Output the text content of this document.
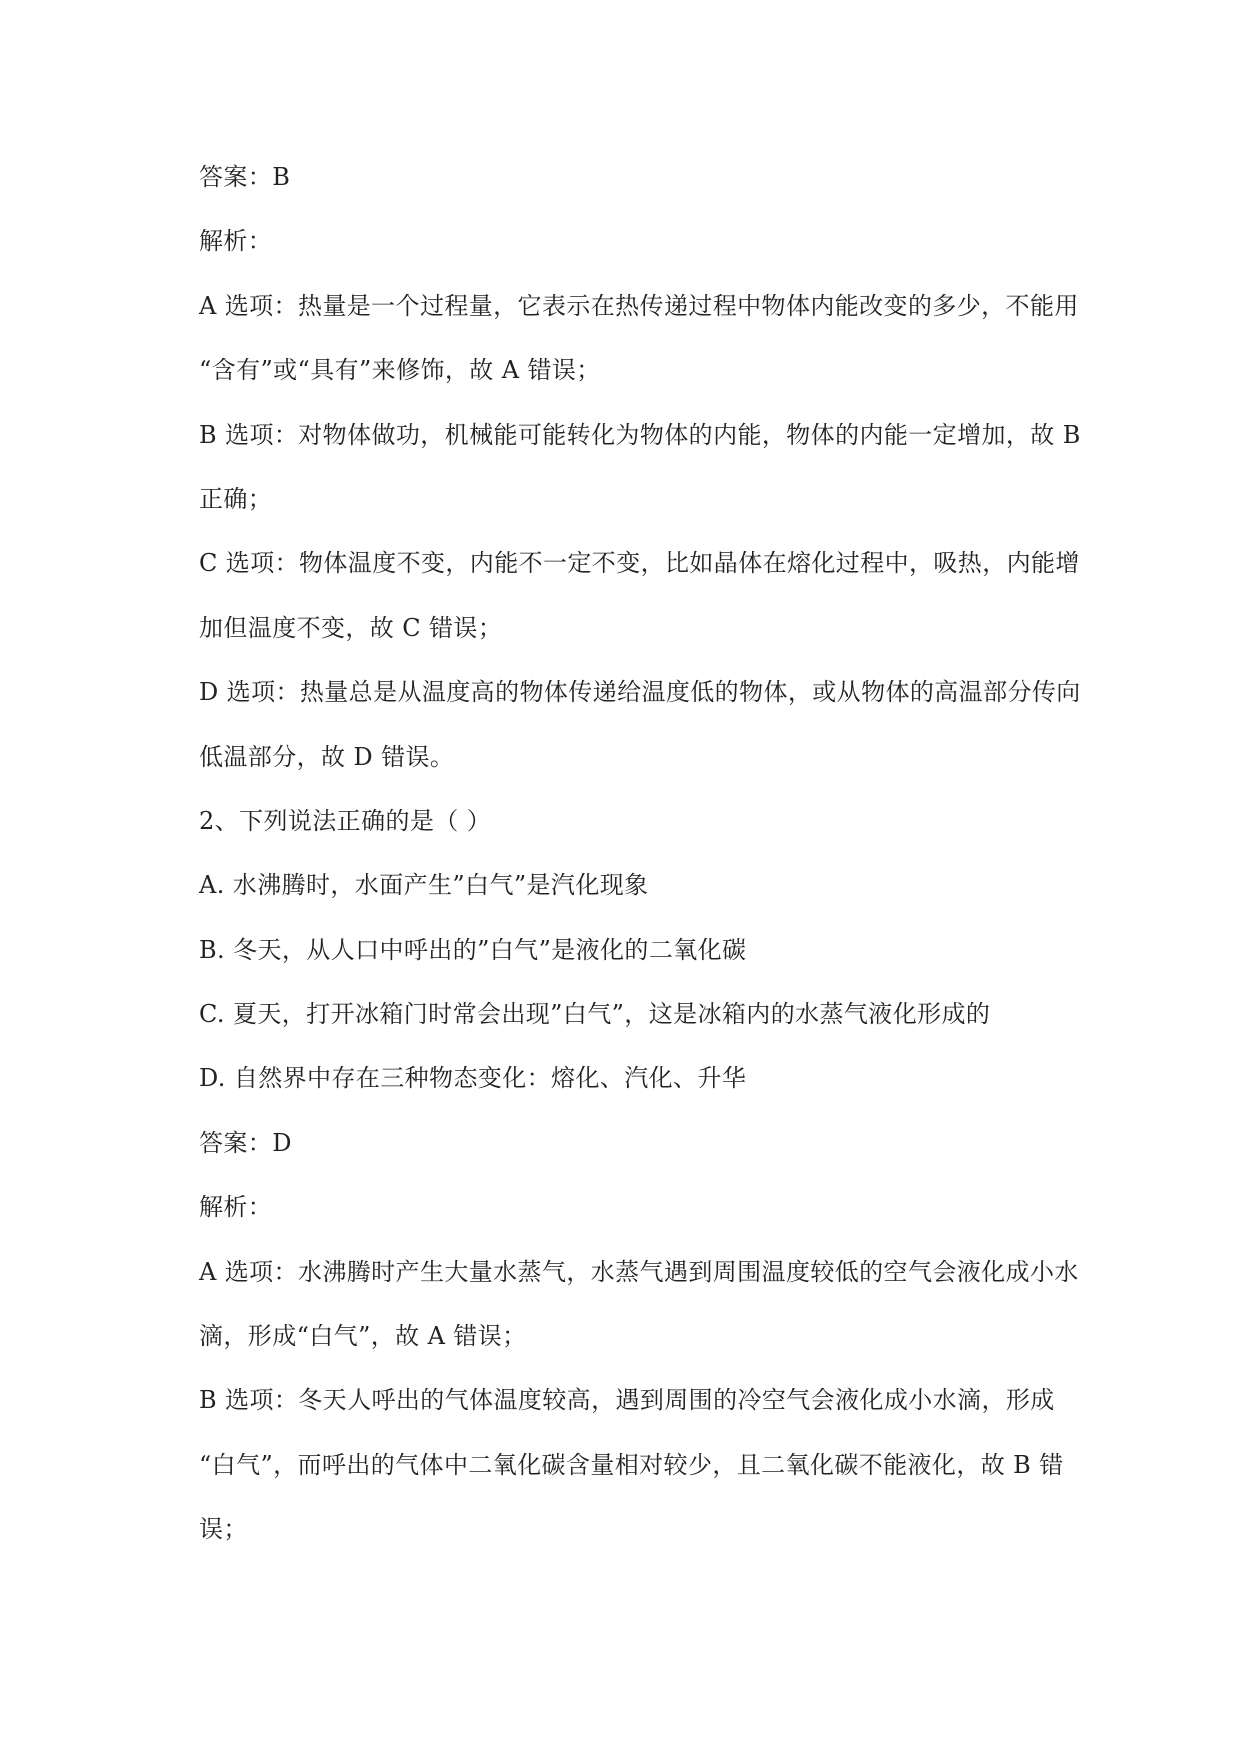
答案：B
解析：
A 选项：热量是一个过程量，它表示在热传递过程中物体内能改变的多少，不能用
“含有”或“具有”来修饰，故 A 错误；
B 选项：对物体做功，机械能可能转化为物体的内能，物体的内能一定增加，故 B
正确；
C 选项：物体温度不变，内能不一定不变，比如晶体在熔化过程中，吸热，内能增
加但温度不变，故 C 错误；
D 选项：热量总是从温度高的物体传递给温度低的物体，或从物体的高温部分传向
低温部分，故 D 错误。
2、下列说法正确的是（ ）
A. 水沸腾时，水面产生”白气”是汽化现象
B. 冬天，从人口中呼出的”白气”是液化的二氧化碳
C. 夏天，打开冰箱门时常会出现”白气”，这是冰箱内的水蒸气液化形成的
D. 自然界中存在三种物态变化：熔化、汽化、升华
答案：D
解析：
A 选项：水沸腾时产生大量水蒸气，水蒸气遇到周围温度较低的空气会液化成小水
滴，形成“白气”，故 A 错误；
B 选项：冬天人呼出的气体温度较高，遇到周围的冷空气会液化成小水滴，形成
“白气”，而呼出的气体中二氧化碳含量相对较少，且二氧化碳不能液化，故 B 错
误；
